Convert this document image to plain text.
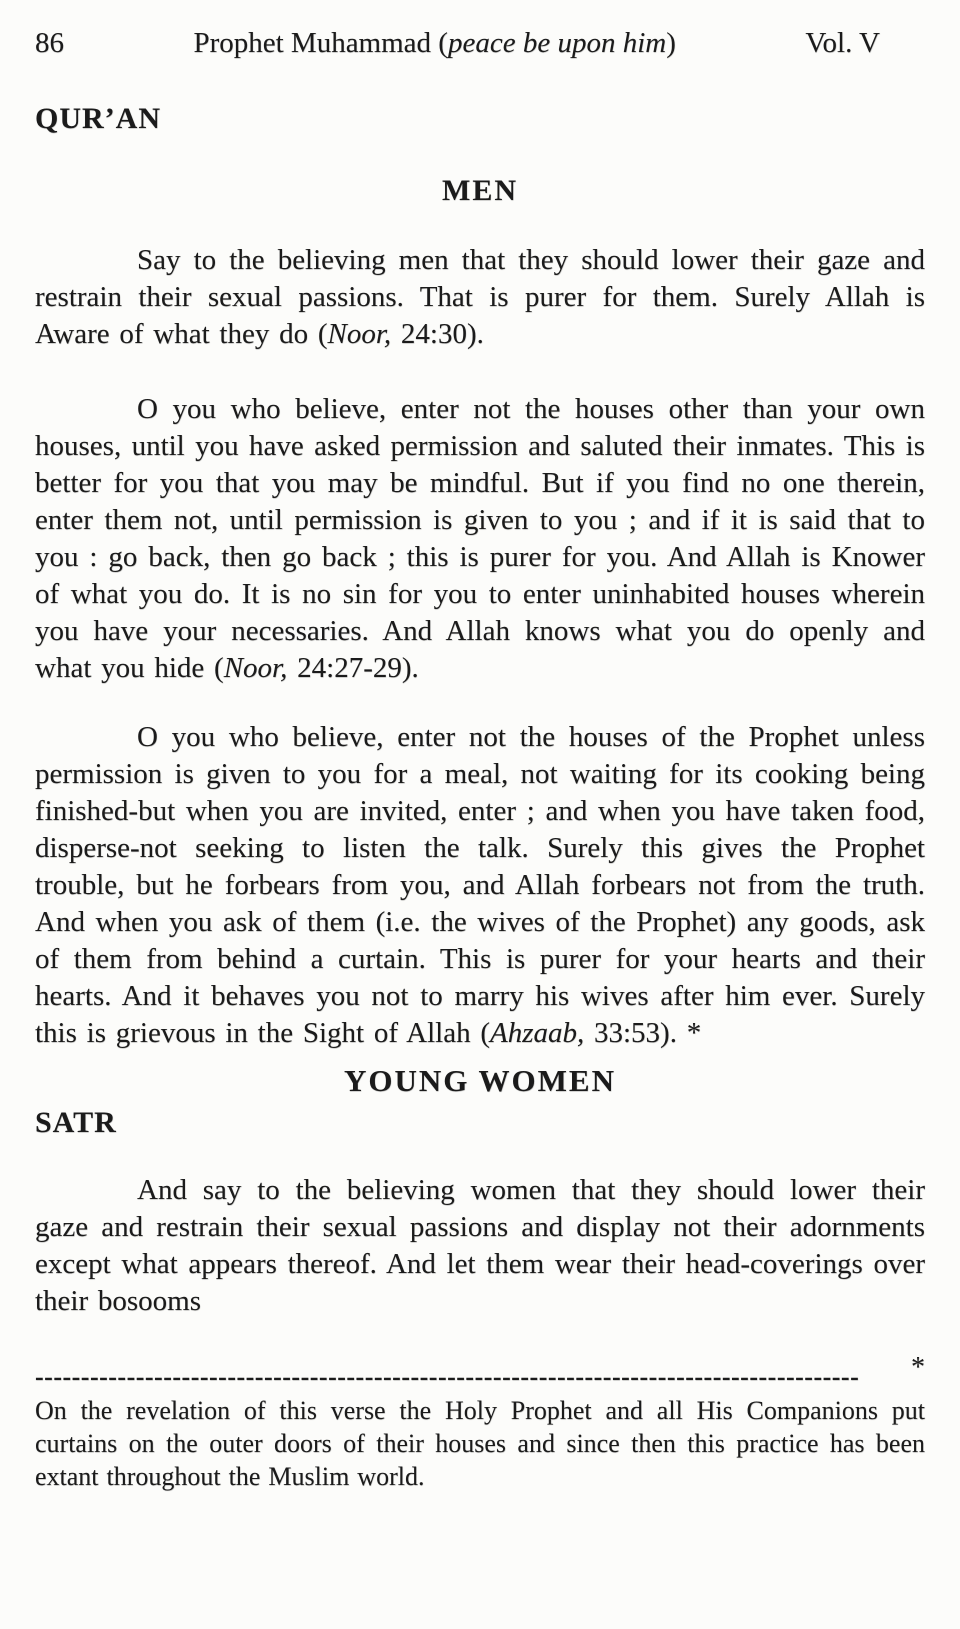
86	Prophet Muhammad (peace be upon him)	Vol. V
QUR’AN
MEN

Say to the believing men that they should lower their gaze and restrain their sexual passions. That is purer for them. Surely Allah is Aware of what they do (Noor, 24:30).

O you who believe, enter not the houses other than your own houses, until you have asked permission and saluted their inmates. This is better for you that you may be mindful. But if you find no one therein, enter them not, until permission is given to you ; and if it is said that to you : go back, then go back ; this is purer for you. And Allah is Knower of what you do. It is no sin for you to enter uninhabited houses wherein you have your necessaries. And Allah knows what you do openly and what you hide (Noor, 24:27-29).

O you who believe, enter not the houses of the Prophet unless permission is given to you for a meal, not waiting for its cooking being finished-but when you are invited, enter ; and when you have taken food, disperse-not seeking to listen the talk. Surely this gives the Prophet trouble, but he forbears from you, and Allah forbears not from the truth. And when you ask of them (i.e. the wives of the Prophet) any goods, ask of them from behind a curtain. This is purer for your hearts and their hearts. And it behaves you not to marry his wives after him ever. Surely this is grievous in the Sight of Allah (Ahzaab, 33:53). *

YOUNG WOMEN
SATR

And say to the believing women that they should lower their gaze and restrain their sexual passions and display not their adornments except what appears thereof. And let them wear their head-coverings over their bosooms

------------------------------------------------------------------------------------------	*

On the revelation of this verse the Holy Prophet and all His Companions put curtains on the outer doors of their houses and since then this practice has been extant throughout the Muslim world.
